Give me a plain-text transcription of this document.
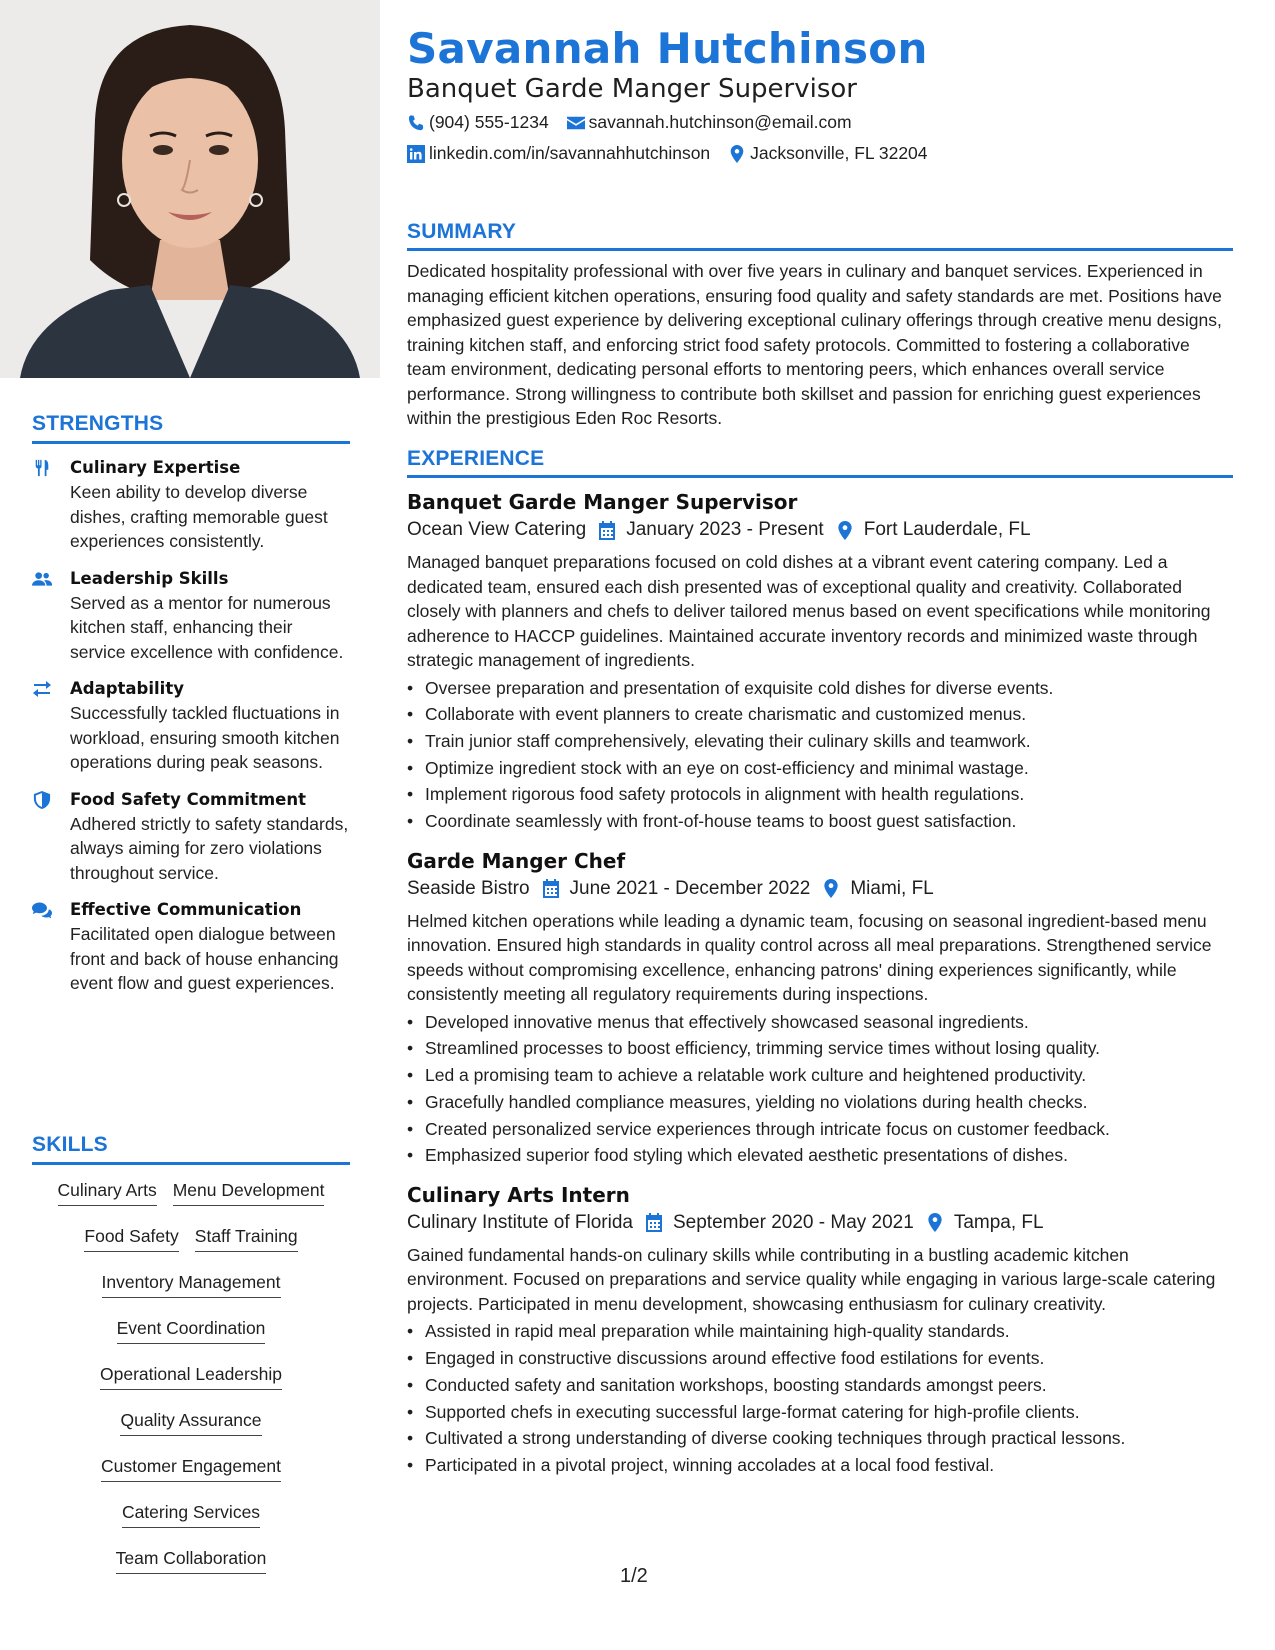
STRENGTHS
Culinary Expertise
Keen ability to develop diverse dishes, crafting memorable guest experiences consistently.
Leadership Skills
Served as a mentor for numerous kitchen staff, enhancing their service excellence with confidence.
Adaptability
Successfully tackled fluctuations in workload, ensuring smooth kitchen operations during peak seasons.
Food Safety Commitment
Adhered strictly to safety standards, always aiming for zero violations throughout service.
Effective Communication
Facilitated open dialogue between front and back of house enhancing event flow and guest experiences.
SKILLS
Culinary Arts Menu Development
Food Safety Staff Training
Inventory Management
Event Coordination
Operational Leadership
Quality Assurance
Customer Engagement
Catering Services
Team Collaboration
Savannah Hutchinson
Banquet Garde Manger Supervisor
(904) 555-1234 savannah.hutchinson@email.com
linkedin.com/in/savannahhutchinson Jacksonville, FL 32204
SUMMARY
Dedicated hospitality professional with over five years in culinary and banquet services. Experienced in managing efficient kitchen operations, ensuring food quality and safety standards are met. Positions have emphasized guest experience by delivering exceptional culinary offerings through creative menu designs, training kitchen staff, and enforcing strict food safety protocols. Committed to fostering a collaborative team environment, dedicating personal efforts to mentoring peers, which enhances overall service performance. Strong willingness to contribute both skillset and passion for enriching guest experiences within the prestigious Eden Roc Resorts.
EXPERIENCE
Banquet Garde Manger Supervisor
Ocean View Catering January 2023 - Present Fort Lauderdale, FL
Managed banquet preparations focused on cold dishes at a vibrant event catering company. Led a dedicated team, ensured each dish presented was of exceptional quality and creativity. Collaborated closely with planners and chefs to deliver tailored menus based on event specifications while monitoring adherence to HACCP guidelines. Maintained accurate inventory records and minimized waste through strategic management of ingredients.
• Oversee preparation and presentation of exquisite cold dishes for diverse events.
• Collaborate with event planners to create charismatic and customized menus.
• Train junior staff comprehensively, elevating their culinary skills and teamwork.
• Optimize ingredient stock with an eye on cost-efficiency and minimal wastage.
• Implement rigorous food safety protocols in alignment with health regulations.
• Coordinate seamlessly with front-of-house teams to boost guest satisfaction.
Garde Manger Chef
Seaside Bistro June 2021 - December 2022 Miami, FL
Helmed kitchen operations while leading a dynamic team, focusing on seasonal ingredient-based menu innovation. Ensured high standards in quality control across all meal preparations. Strengthened service speeds without compromising excellence, enhancing patrons' dining experiences significantly, while consistently meeting all regulatory requirements during inspections.
• Developed innovative menus that effectively showcased seasonal ingredients.
• Streamlined processes to boost efficiency, trimming service times without losing quality.
• Led a promising team to achieve a relatable work culture and heightened productivity.
• Gracefully handled compliance measures, yielding no violations during health checks.
• Created personalized service experiences through intricate focus on customer feedback.
• Emphasized superior food styling which elevated aesthetic presentations of dishes.
Culinary Arts Intern
Culinary Institute of Florida September 2020 - May 2021 Tampa, FL
Gained fundamental hands-on culinary skills while contributing in a bustling academic kitchen environment. Focused on preparations and service quality while engaging in various large-scale catering projects. Participated in menu development, showcasing enthusiasm for culinary creativity.
• Assisted in rapid meal preparation while maintaining high-quality standards.
• Engaged in constructive discussions around effective food estilations for events.
• Conducted safety and sanitation workshops, boosting standards amongst peers.
• Supported chefs in executing successful large-format catering for high-profile clients.
• Cultivated a strong understanding of diverse cooking techniques through practical lessons.
• Participated in a pivotal project, winning accolades at a local food festival.
1/2
